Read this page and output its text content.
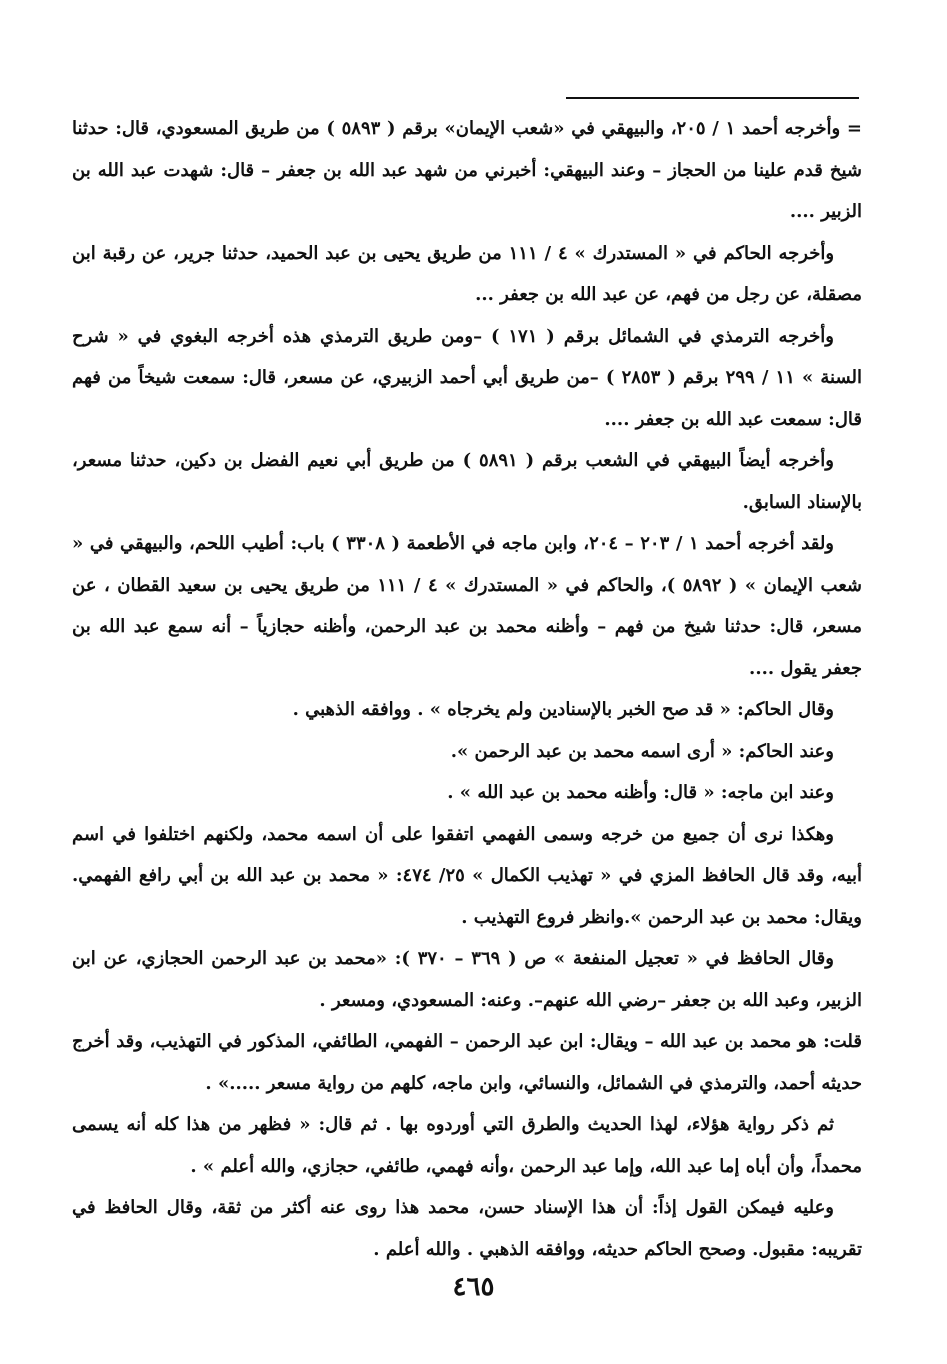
= وأخرجه أحمد ١ / ٢٠٥، والبيهقي في «شعب الإيمان» برقم ( ٥٨٩٣ ) من طريق المسعودي، قال: حدثنا شيخ قدم علينا من الحجاز – وعند البيهقي: أخبرني من شهد عبد الله بن جعفر – قال: شهدت عبد الله بن الزبير ....

وأخرجه الحاكم في « المستدرك » ٤ / ١١١ من طريق يحيى بن عبد الحميد، حدثنا جرير، عن رقبة ابن مصقلة، عن رجل من فهم، عن عبد الله بن جعفر ...

وأخرجه الترمذي في الشمائل برقم ( ١٧١ ) –ومن طريق الترمذي هذه أخرجه البغوي في « شرح السنة » ١١ / ٢٩٩ برقم ( ٢٨٥٣ ) –من طريق أبي أحمد الزبيري، عن مسعر، قال: سمعت شيخاً من فهم قال: سمعت عبد الله بن جعفر ....

وأخرجه أيضاً البيهقي في الشعب برقم ( ٥٨٩١ ) من طريق أبي نعيم الفضل بن دكين، حدثنا مسعر، بالإسناد السابق.

ولقد أخرجه أحمد ١ / ٢٠٣ – ٢٠٤، وابن ماجه في الأطعمة ( ٣٣٠٨ ) باب: أطيب اللحم، والبيهقي في « شعب الإيمان » ( ٥٨٩٢ )، والحاكم في « المستدرك » ٤ / ١١١ من طريق يحيى بن سعيد القطان ، عن مسعر، قال: حدثنا شيخ من فهم – وأظنه محمد بن عبد الرحمن، وأظنه حجازياً – أنه سمع عبد الله بن جعفر يقول ....

وقال الحاكم: « قد صح الخبر بالإسنادين ولم يخرجاه » . ووافقه الذهبي .

وعند الحاكم: « أرى اسمه محمد بن عبد الرحمن ».

وعند ابن ماجه: « قال: وأظنه محمد بن عبد الله » .

وهكذا نرى أن جميع من خرجه وسمى الفهمي اتفقوا على أن اسمه محمد، ولكنهم اختلفوا في اسم أبيه، وقد قال الحافظ المزي في « تهذيب الكمال » ٢٥/ ٤٧٤: « محمد بن عبد الله بن أبي رافع الفهمي. ويقال: محمد بن عبد الرحمن ».وانظر فروع التهذيب .

وقال الحافظ في « تعجيل المنفعة » ص ( ٣٦٩ – ٣٧٠ ): «محمد بن عبد الرحمن الحجازي، عن ابن الزبير، وعبد الله بن جعفر –رضي الله عنهم–. وعنه: المسعودي، ومسعر .

قلت: هو محمد بن عبد الله – ويقال: ابن عبد الرحمن – الفهمي، الطائفي، المذكور في التهذيب، وقد أخرج حديثه أحمد، والترمذي في الشمائل، والنسائي، وابن ماجه، كلهم من رواية مسعر .....» .

ثم ذكر رواية هؤلاء، لهذا الحديث والطرق التي أوردوه بها . ثم قال: « فظهر من هذا كله أنه يسمى محمداً، وأن أباه إما عبد الله، وإما عبد الرحمن ،وأنه فهمي، طائفي، حجازي، والله أعلم » .

وعليه فيمكن القول إذاً: أن هذا الإسناد حسن، محمد هذا روى عنه أكثر من ثقة، وقال الحافظ في تقريبه: مقبول. وصحح الحاكم حديثه، ووافقه الذهبي . والله أعلم .

٤٦٥
